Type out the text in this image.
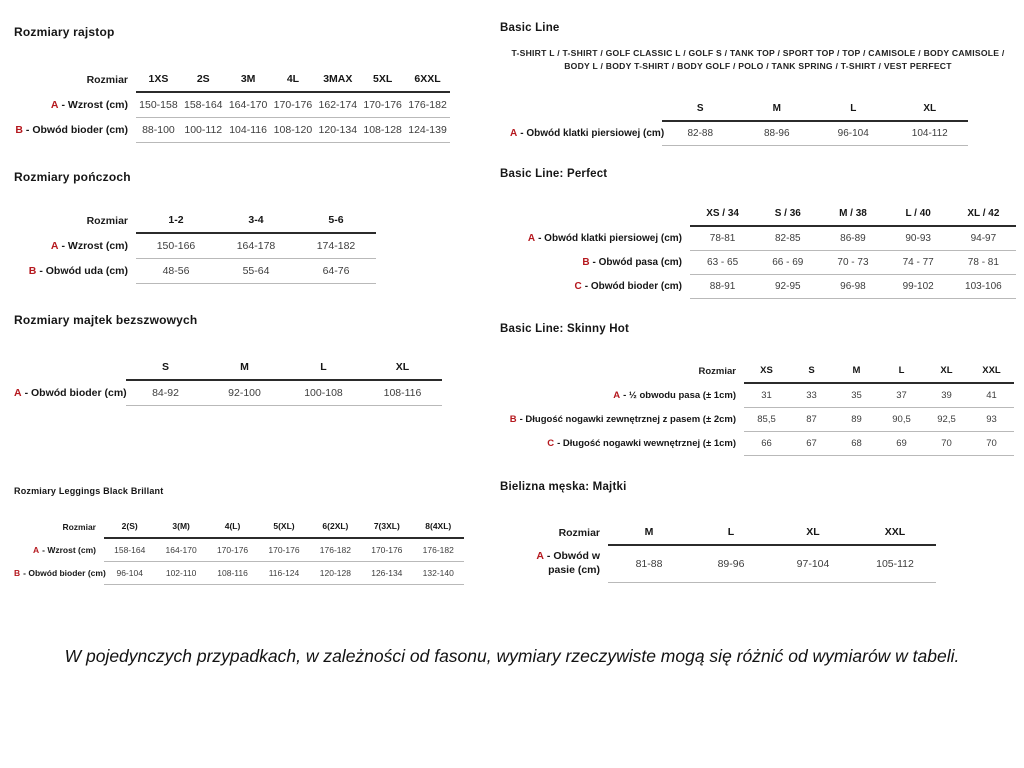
Rozmiary rajstop
Rozmiar	1XS	2S	3M	4L	3MAX	5XL	6XXL
A - Wzrost (cm)	150-158	158-164	164-170	170-176	162-174	170-176	176-182
B - Obwód bioder (cm)	88-100	100-112	104-116	108-120	120-134	108-128	124-139
Rozmiary pończoch
Rozmiar	1-2	3-4	5-6
A - Wzrost (cm)	150-166	164-178	174-182
B - Obwód uda (cm)	48-56	55-64	64-76
Rozmiary majtek bezszwowych
	S	M	L	XL
A - Obwód bioder (cm)	84-92	92-100	100-108	108-116
Rozmiary Leggings Black Brillant
Rozmiar	2(S)	3(M)	4(L)	5(XL)	6(2XL)	7(3XL)	8(4XL)
A - Wzrost (cm)	158-164	164-170	170-176	170-176	176-182	170-176	176-182
B - Obwód bioder (cm)	96-104	102-110	108-116	116-124	120-128	126-134	132-140
Basic Line
T-SHIRT L / T-SHIRT / GOLF CLASSIC L / GOLF S / TANK TOP / SPORT TOP / TOP / CAMISOLE / BODY CAMISOLE / BODY L / BODY T-SHIRT / BODY GOLF / POLO / TANK SPRING / T-SHIRT / VEST PERFECT
	S	M	L	XL
A - Obwód klatki piersiowej (cm)	82-88	88-96	96-104	104-112
Basic Line: Perfect
	XS / 34	S / 36	M / 38	L / 40	XL / 42
A - Obwód klatki piersiowej (cm)	78-81	82-85	86-89	90-93	94-97
B - Obwód pasa (cm)	63 - 65	66 - 69	70 - 73	74 - 77	78 - 81
C - Obwód bioder (cm)	88-91	92-95	96-98	99-102	103-106
Basic Line: Skinny Hot
Rozmiar	XS	S	M	L	XL	XXL
A - ½ obwodu pasa (± 1cm)	31	33	35	37	39	41
B - Długość nogawki zewnętrznej z pasem (± 2cm)	85,5	87	89	90,5	92,5	93
C - Długość nogawki wewnętrznej (± 1cm)	66	67	68	69	70	70
Bielizna męska: Majtki
Rozmiar	M	L	XL	XXL
A - Obwód w pasie (cm)	81-88	89-96	97-104	105-112

W pojedynczych przypadkach, w zależności od fasonu, wymiary rzeczywiste mogą się różnić od wymiarów w tabeli.
